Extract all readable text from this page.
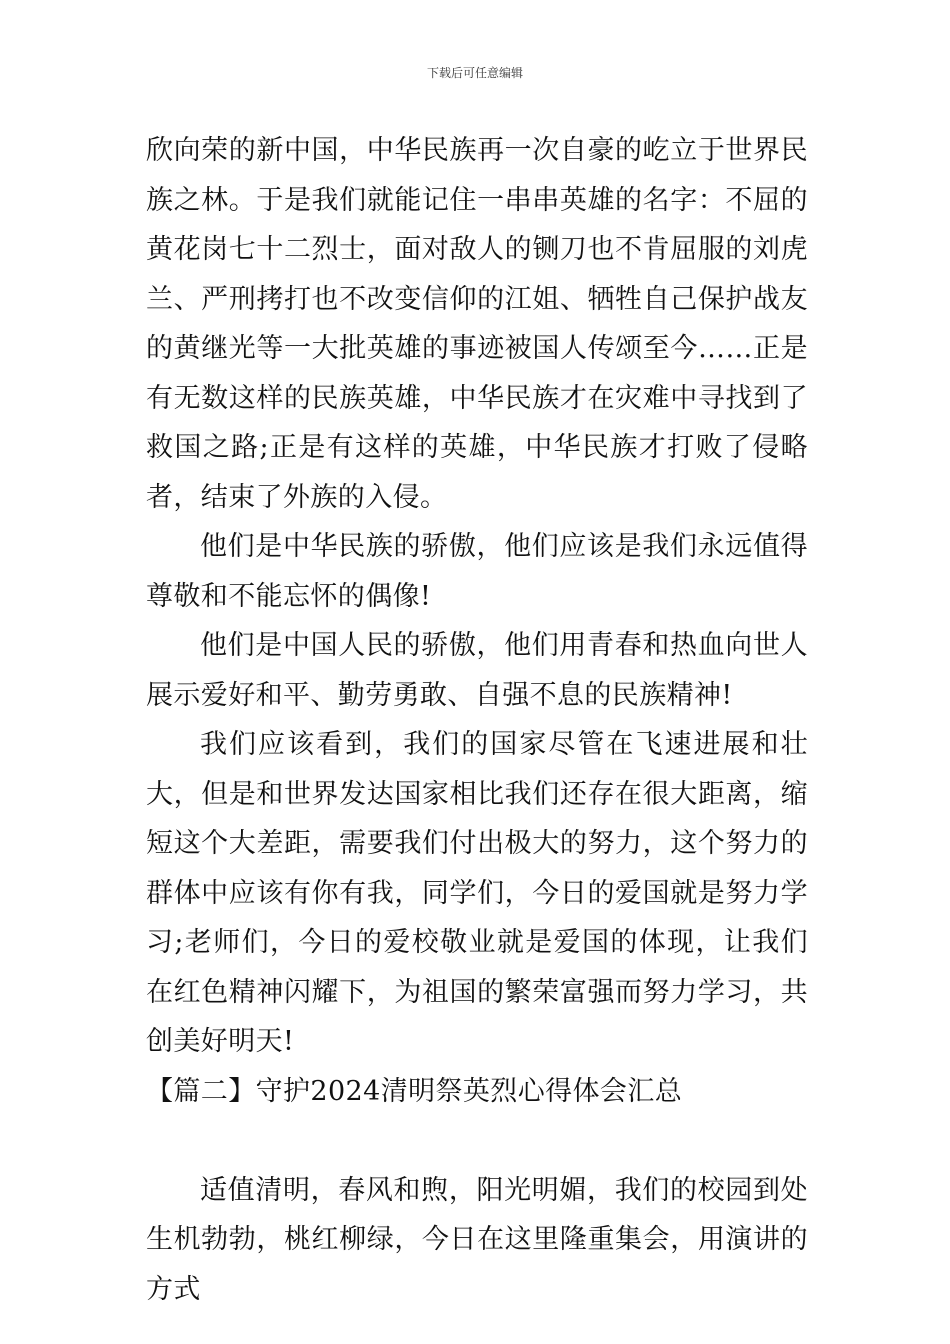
下载后可任意编辑

欣向荣的新中国，中华民族再一次自豪的屹立于世界民族之林。于是我们就能记住一串串英雄的名字：不屈的黄花岗七十二烈士，面对敌人的铡刀也不肯屈服的刘虎兰、严刑拷打也不改变信仰的江姐、牺牲自己保护战友的黄继光等一大批英雄的事迹被国人传颂至今……正是有无数这样的民族英雄，中华民族才在灾难中寻找到了救国之路;正是有这样的英雄，中华民族才打败了侵略者，结束了外族的入侵。

他们是中华民族的骄傲，他们应该是我们永远值得尊敬和不能忘怀的偶像!

他们是中国人民的骄傲，他们用青春和热血向世人展示爱好和平、勤劳勇敢、自强不息的民族精神!

我们应该看到，我们的国家尽管在飞速进展和壮大，但是和世界发达国家相比我们还存在很大距离，缩短这个大差距，需要我们付出极大的努力，这个努力的群体中应该有你有我，同学们，今日的爱国就是努力学习;老师们，今日的爱校敬业就是爱国的体现，让我们在红色精神闪耀下，为祖国的繁荣富强而努力学习，共创美好明天!

【篇二】守护2024清明祭英烈心得体会汇总

适值清明，春风和煦，阳光明媚，我们的校园到处生机勃勃，桃红柳绿，今日在这里隆重集会，用演讲的方式
